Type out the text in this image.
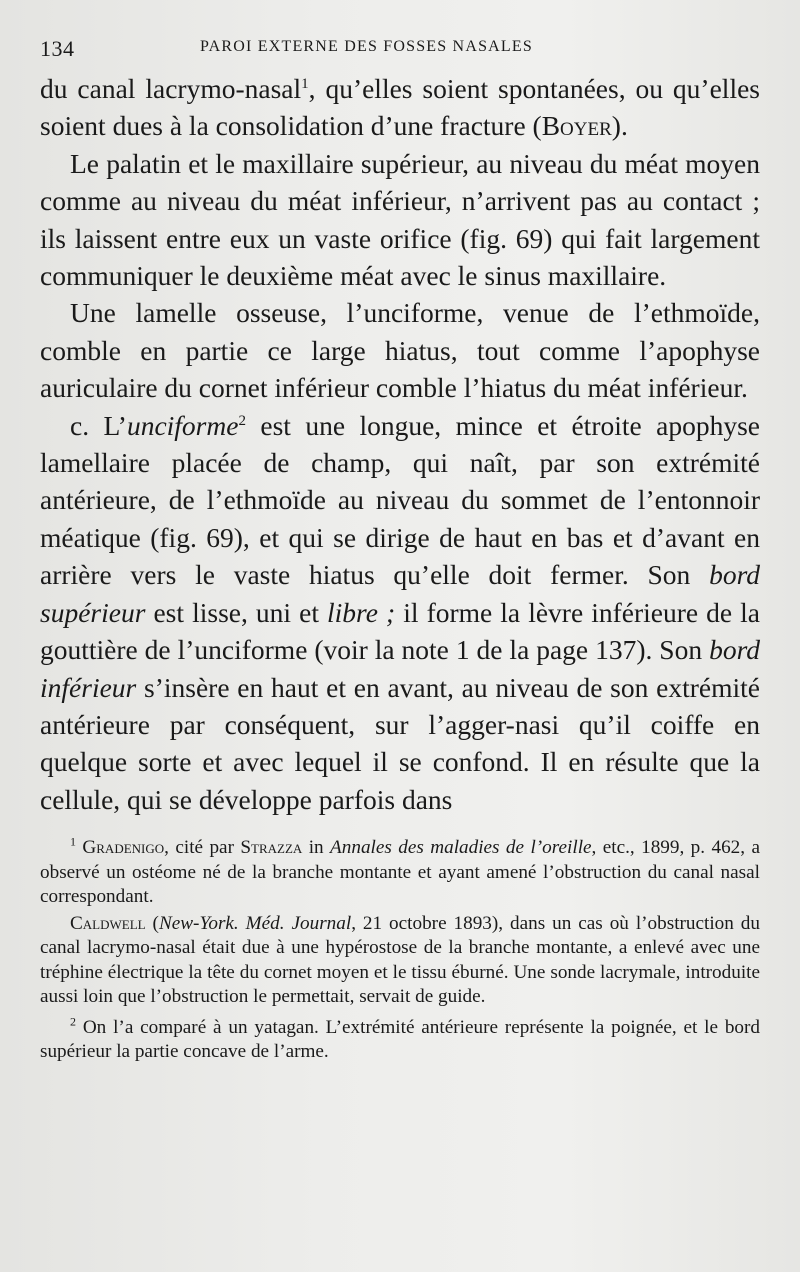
134	PAROI EXTERNE DES FOSSES NASALES

du canal lacrymo-nasal$^1$, qu’elles soient spontanées, ou qu’elles soient dues à la consolidation d’une fracture (Boyer).

Le palatin et le maxillaire supérieur, au niveau du méat moyen comme au niveau du méat inférieur, n’arrivent pas au contact ; ils laissent entre eux un vaste orifice (fig. 69) qui fait largement communiquer le deuxième méat avec le sinus maxillaire.

Une lamelle osseuse, l’unciforme, venue de l’ethmoïde, comble en partie ce large hiatus, tout comme l’apophyse auriculaire du cornet inférieur comble l’hiatus du méat inférieur.

c. L’unciforme$^2$ est une longue, mince et étroite apophyse lamellaire placée de champ, qui naît, par son extrémité antérieure, de l’ethmoïde au niveau du sommet de l’entonnoir méatique (fig. 69), et qui se dirige de haut en bas et d’avant en arrière vers le vaste hiatus qu’elle doit fermer. Son bord supérieur est lisse, uni et libre ; il forme la lèvre inférieure de la gouttière de l’unciforme (voir la note 1 de la page 137). Son bord inférieur s’insère en haut et en avant, au niveau de son extrémité antérieure par conséquent, sur l’agger-nasi qu’il coiffe en quelque sorte et avec lequel il se confond. Il en résulte que la cellule, qui se développe parfois dans

$^1$ Gradenigo, cité par Strazza in Annales des maladies de l’oreille, etc., 1899, p. 462, a observé un ostéome né de la branche montante et ayant amené l’obstruction du canal nasal correspondant.

Caldwell (New-York. Méd. Journal, 21 octobre 1893), dans un cas où l’obstruction du canal lacrymo-nasal était due à une hypérostose de la branche montante, a enlevé avec une tréphine électrique la tête du cornet moyen et le tissu éburné. Une sonde lacrymale, introduite aussi loin que l’obstruction le permettait, servait de guide.

$^2$ On l’a comparé à un yatagan. L’extrémité antérieure représente la poignée, et le bord supérieur la partie concave de l’arme.
